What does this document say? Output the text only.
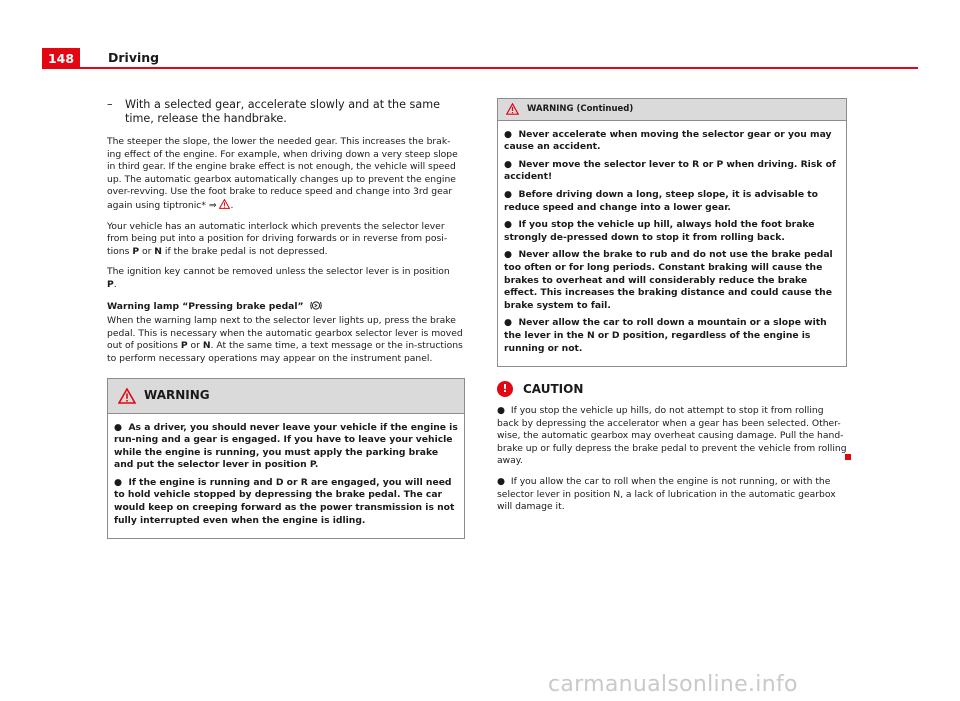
148	Driving
–	With a selected gear, accelerate slowly and at the same time, release the handbrake.

The steeper the slope, the lower the needed gear. This increases the brak-ing effect of the engine. For example, when driving down a very steep slope in third gear. If the engine brake effect is not enough, the vehicle will speed up. The automatic gearbox automatically changes up to prevent the engine over-revving. Use the foot brake to reduce speed and change into 3rd gear again using tiptronic* ⇒ .

Your vehicle has an automatic interlock which prevents the selector lever from being put into a position for driving forwards or in reverse from posi-tions P or N if the brake pedal is not depressed.

The ignition key cannot be removed unless the selector lever is in position
P.

Warning lamp “Pressing brake pedal”

When the warning lamp next to the selector lever lights up, press the brake pedal. This is necessary when the automatic gearbox selector lever is moved out of positions P or N. At the same time, a text message or the in-structions to perform necessary operations may appear on the instrument panel.

WARNING

● As a driver, you should never leave your vehicle if the engine is run-ning and a gear is engaged. If you have to leave your vehicle while the engine is running, you must apply the parking brake and put the selector lever in position P.

● If the engine is running and D or R are engaged, you will need to hold vehicle stopped by depressing the brake pedal. The car would keep on creeping forward as the power transmission is not fully interrupted even when the engine is idling.

WARNING (Continued)

● Never accelerate when moving the selector gear or you may cause an accident.

● Never move the selector lever to R or P when driving. Risk of accident!

● Before driving down a long, steep slope, it is advisable to reduce speed and change into a lower gear.

● If you stop the vehicle up hill, always hold the foot brake strongly de-pressed down to stop it from rolling back.

● Never allow the brake to rub and do not use the brake pedal too often or for long periods. Constant braking will cause the brakes to overheat and will considerably reduce the brake effect. This increases the braking distance and could cause the brake system to fail.

● Never allow the car to roll down a mountain or a slope with the lever in the N or D position, regardless of the engine is running or not.

!	CAUTION

● If you stop the vehicle up hills, do not attempt to stop it from rolling back by depressing the accelerator when a gear has been selected. Other-wise, the automatic gearbox may overheat causing damage. Pull the hand-brake up or fully depress the brake pedal to prevent the vehicle from rolling away.

● If you allow the car to roll when the engine is not running, or with the selector lever in position N, a lack of lubrication in the automatic gearbox will damage it.

carmanualsonline.info
